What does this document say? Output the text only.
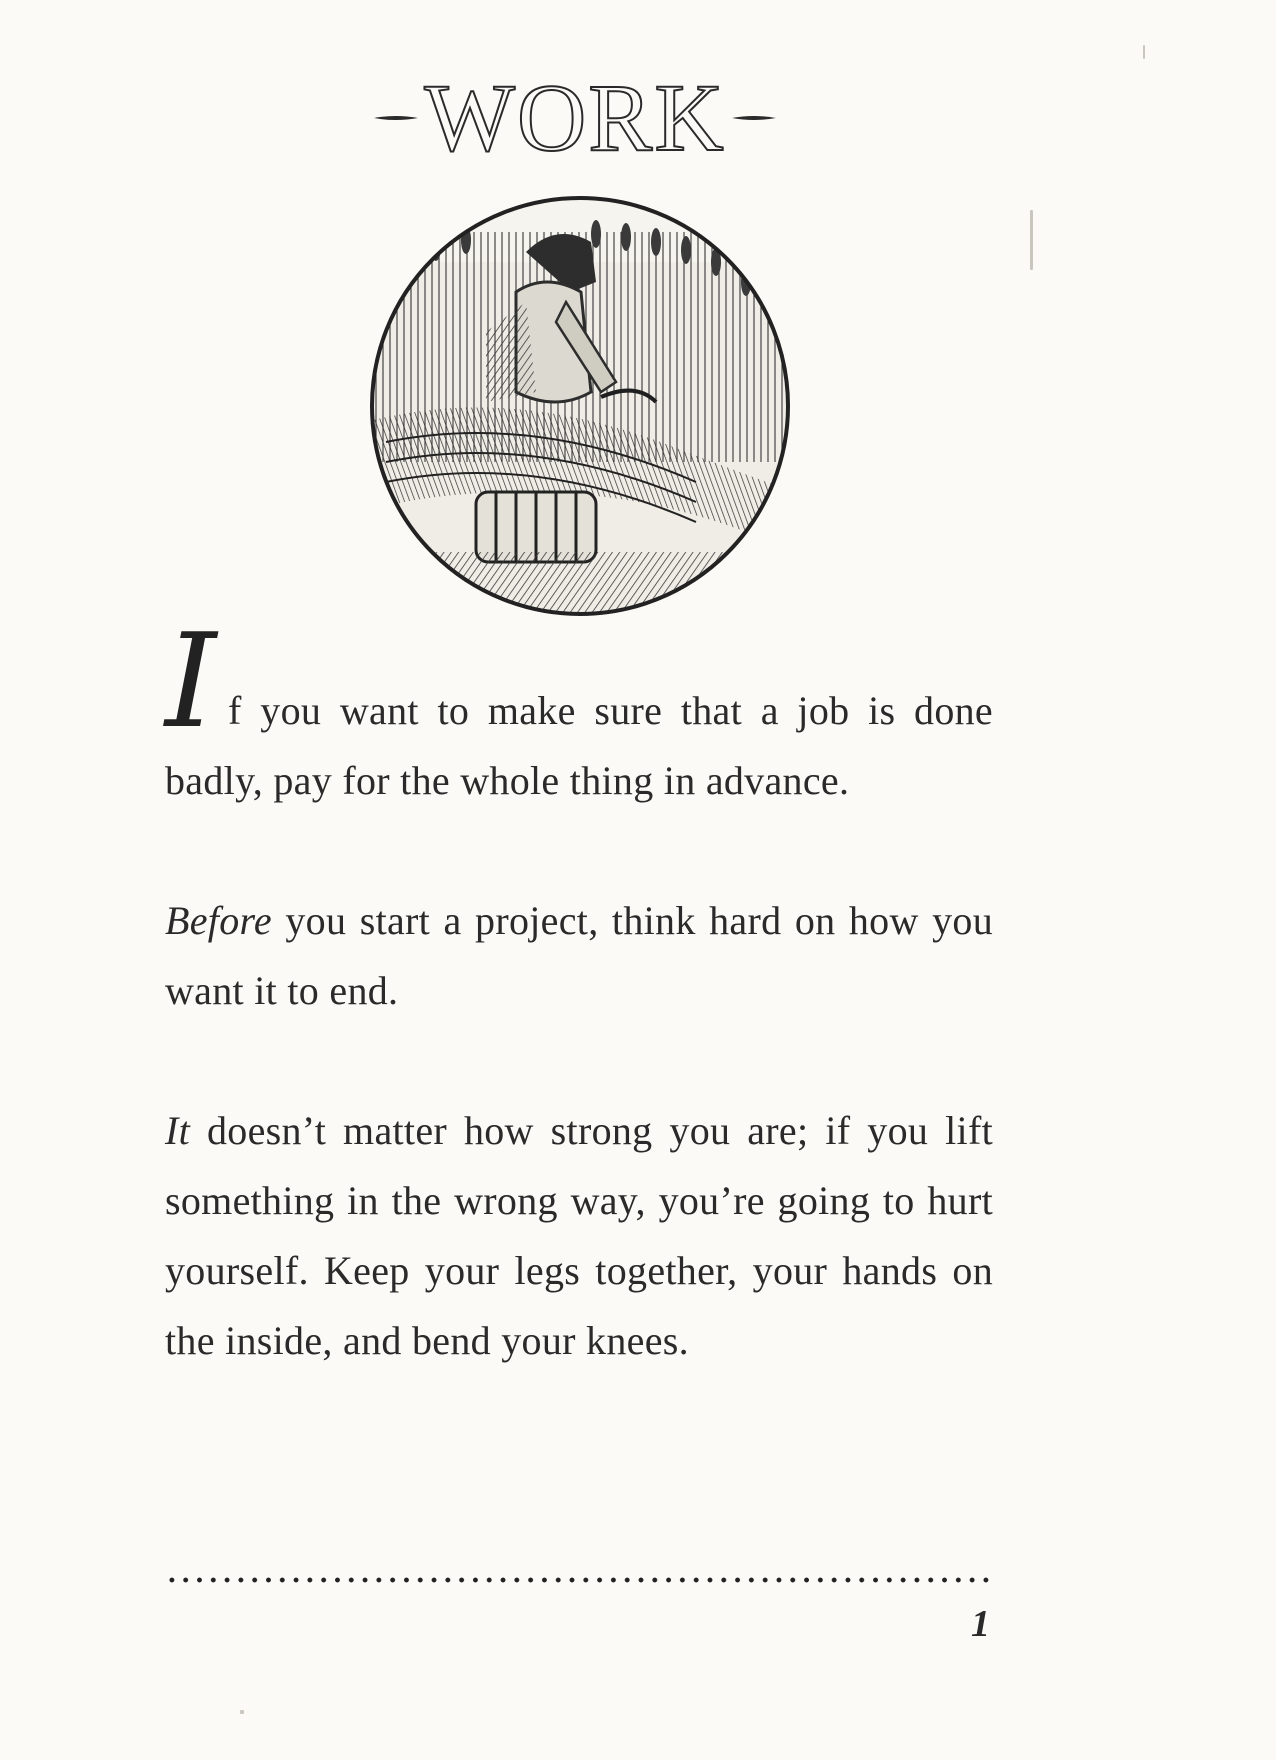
WORK

I f you want to make sure that a job is done badly, pay for the whole thing in advance.

Before you start a project, think hard on how you want it to end.

It doesn’t matter how strong you are; if you lift something in the wrong way, you’re going to hurt yourself. Keep your legs together, your hands on the inside, and bend your knees.

1
